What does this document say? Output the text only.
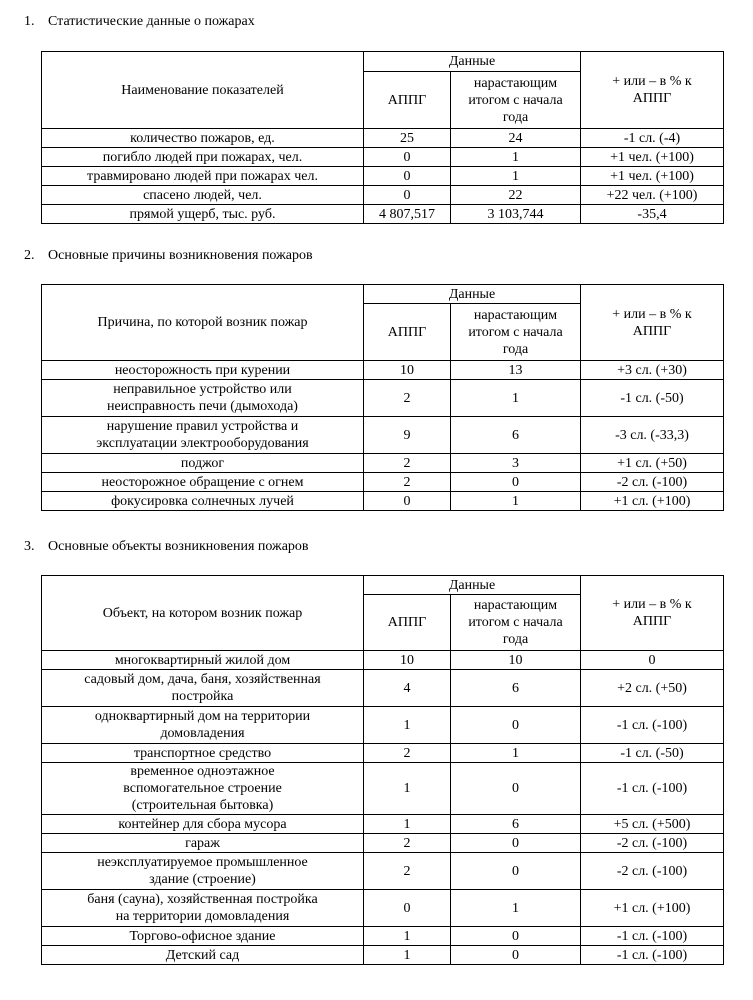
1. Статистические данные о пожарах
Наименование показателей	Данные		+ или – в % к АППГ
	АППГ	нарастающим итогом с начала года	
количество пожаров, ед.	25	24	-1 сл. (-4)
погибло людей при пожарах, чел.	0	1	+1 чел. (+100)
травмировано людей при пожарах чел.	0	1	+1 чел. (+100)
спасено людей, чел.	0	22	+22 чел. (+100)
прямой ущерб, тыс. руб.	4 807,517	3 103,744	-35,4
2. Основные причины возникновения пожаров
Причина, по которой возник пожар	Данные		+ или – в % к АППГ
	АППГ	нарастающим итогом с начала года	
неосторожность при курении	10	13	+3 сл. (+30)
неправильное устройство или неисправность печи (дымохода)	2	1	-1 сл. (-50)
нарушение правил устройства и эксплуатации электрооборудования	9	6	-3 сл. (-33,3)
поджог	2	3	+1 сл. (+50)
неосторожное обращение с огнем	2	0	-2 сл. (-100)
фокусировка солнечных лучей	0	1	+1 сл. (+100)
3. Основные объекты возникновения пожаров
Объект, на котором возник пожар	Данные		+ или – в % к АППГ
	АППГ	нарастающим итогом с начала года	
многоквартирный жилой дом	10	10	0
садовый дом, дача, баня, хозяйственная постройка	4	6	+2 сл. (+50)
одноквартирный дом на территории домовладения	1	0	-1 сл. (-100)
транспортное средство	2	1	-1 сл. (-50)
временное одноэтажное вспомогательное строение (строительная бытовка)	1	0	-1 сл. (-100)
контейнер для сбора мусора	1	6	+5 сл. (+500)
гараж	2	0	-2 сл. (-100)
неэксплуатируемое промышленное здание (строение)	2	0	-2 сл. (-100)
баня (сауна), хозяйственная постройка на территории домовладения	0	1	+1 сл. (+100)
Торгово-офисное здание	1	0	-1 сл. (-100)
Детский сад	1	0	-1 сл. (-100)
